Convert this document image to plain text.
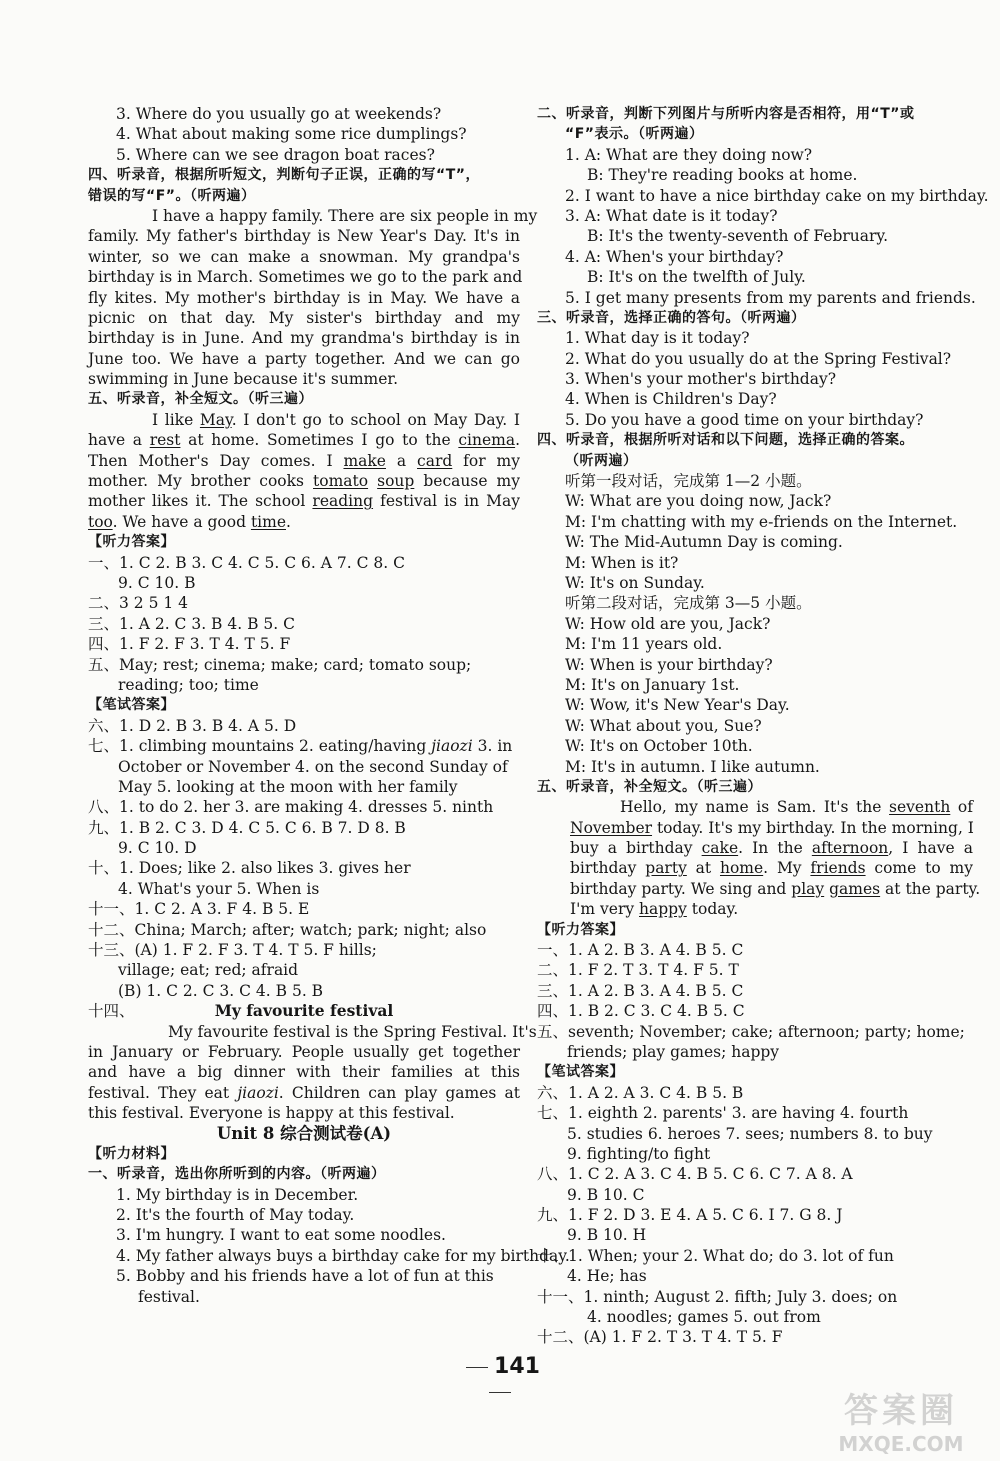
3. Where do you usually go at weekends?
4. What about making some rice dumplings?
5. Where can we see dragon boat races?
四、听录音，根据所听短文，判断句子正误，正确的写“T”，
错误的写“F”。（听两遍）
I have a happy family. There are six people in my
family. My father's birthday is New Year's Day. It's in
winter, so we can make a snowman. My grandpa's
birthday is in March. Sometimes we go to the park and
fly kites. My mother's birthday is in May. We have a
picnic on that day. My sister's birthday and my
birthday is in June. And my grandma's birthday is in
June too. We have a party together. And we can go
swimming in June because it's summer.
五、听录音，补全短文。（听三遍）
I like May. I don't go to school on May Day. I
have a rest at home. Sometimes I go to the cinema.
Then Mother's Day comes. I make a card for my
mother. My brother cooks tomato soup because my
mother likes it. The school reading festival is in May
too. We have a good time.
【听力答案】
一、1. C 2. B 3. C 4. C 5. C 6. A 7. C 8. C
9. C 10. B
二、3 2 5 1 4
三、1. A 2. C 3. B 4. B 5. C
四、1. F 2. F 3. T 4. T 5. F
五、May; rest; cinema; make; card; tomato soup;
reading; too; time
【笔试答案】
六、1. D 2. B 3. B 4. A 5. D
七、1. climbing mountains 2. eating/having jiaozi 3. in
October or November 4. on the second Sunday of
May 5. looking at the moon with her family
八、1. to do 2. her 3. are making 4. dresses 5. ninth
九、1. B 2. C 3. D 4. C 5. C 6. B 7. D 8. B
9. C 10. D
十、1. Does; like 2. also likes 3. gives her
4. What's your 5. When is
十一、1. C 2. A 3. F 4. B 5. E
十二、China; March; after; watch; park; night; also
十三、(A) 1. F 2. F 3. T 4. T 5. F hills;
village; eat; red; afraid
(B) 1. C 2. C 3. C 4. B 5. B
十四、	My favourite festival
My favourite festival is the Spring Festival. It's
in January or February. People usually get together
and have a big dinner with their families at this
festival. They eat jiaozi. Children can play games at
this festival. Everyone is happy at this festival.
Unit 8 综合测试卷(A)
【听力材料】
一、听录音，选出你所听到的内容。（听两遍）
1. My birthday is in December.
2. It's the fourth of May today.
3. I'm hungry. I want to eat some noodles.
4. My father always buys a birthday cake for my birthday.
5. Bobby and his friends have a lot of fun at this
festival.
二、听录音，判断下列图片与所听内容是否相符，用“T”或
“F”表示。（听两遍）
1. A: What are they doing now?
B: They're reading books at home.
2. I want to have a nice birthday cake on my birthday.
3. A: What date is it today?
B: It's the twenty-seventh of February.
4. A: When's your birthday?
B: It's on the twelfth of July.
5. I get many presents from my parents and friends.
三、听录音，选择正确的答句。（听两遍）
1. What day is it today?
2. What do you usually do at the Spring Festival?
3. When's your mother's birthday?
4. When is Children's Day?
5. Do you have a good time on your birthday?
四、听录音，根据所听对话和以下问题，选择正确的答案。
（听两遍）
听第一段对话，完成第 1—2 小题。
W: What are you doing now, Jack?
M: I'm chatting with my e-friends on the Internet.
W: The Mid-Autumn Day is coming.
M: When is it?
W: It's on Sunday.
听第二段对话，完成第 3—5 小题。
W: How old are you, Jack?
M: I'm 11 years old.
W: When is your birthday?
M: It's on January 1st.
W: Wow, it's New Year's Day.
W: What about you, Sue?
W: It's on October 10th.
M: It's in autumn. I like autumn.
五、听录音，补全短文。（听三遍）
Hello, my name is Sam. It's the seventh of
November today. It's my birthday. In the morning, I
buy a birthday cake. In the afternoon, I have a
birthday party at home. My friends come to my
birthday party. We sing and play games at the party.
I'm very happy today.
【听力答案】
一、1. A 2. B 3. A 4. B 5. C
二、1. F 2. T 3. T 4. F 5. T
三、1. A 2. B 3. A 4. B 5. C
四、1. B 2. C 3. C 4. B 5. C
五、seventh; November; cake; afternoon; party; home;
friends; play games; happy
【笔试答案】
六、1. A 2. A 3. C 4. B 5. B
七、1. eighth 2. parents' 3. are having 4. fourth
5. studies 6. heroes 7. sees; numbers 8. to buy
9. fighting/to fight
八、1. C 2. A 3. C 4. B 5. C 6. C 7. A 8. A
9. B 10. C
九、1. F 2. D 3. E 4. A 5. C 6. I 7. G 8. J
9. B 10. H
十、1. When; your 2. What do; do 3. lot of fun
4. He; has
十一、1. ninth; August 2. fifth; July 3. does; on
4. noodles; games 5. out from
十二、(A) 1. F 2. T 3. T 4. T 5. F
141
答案圈
MXQE.COM
